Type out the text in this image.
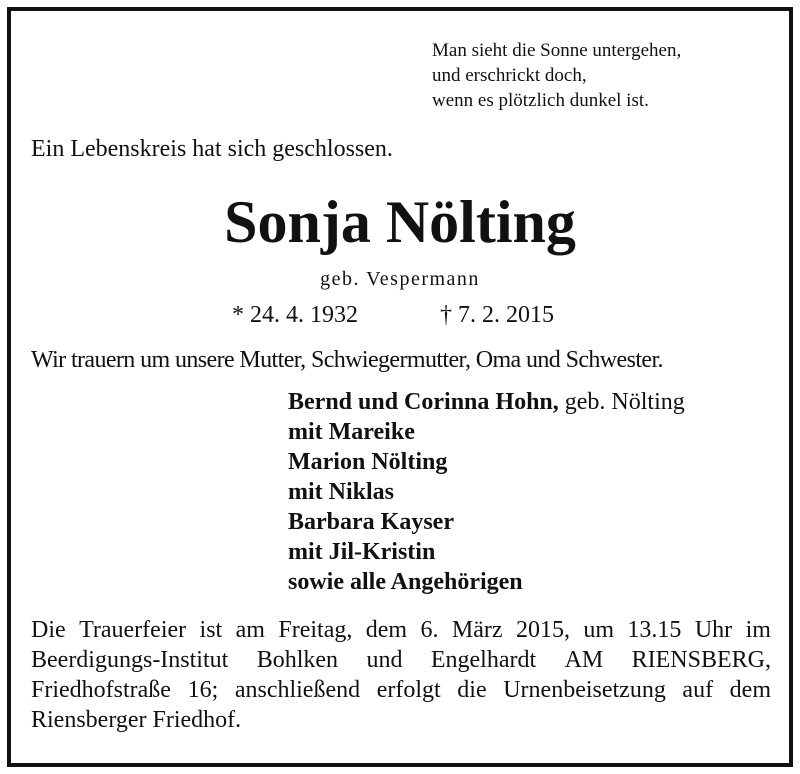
Man sieht die Sonne untergehen,
und erschrickt doch,
wenn es plötzlich dunkel ist.
Ein Lebenskreis hat sich geschlossen.
Sonja Nölting
geb. Vespermann
* 24. 4. 1932	† 7. 2. 2015
Wir trauern um unsere Mutter, Schwiegermutter, Oma und Schwester.
Bernd und Corinna Hohn, geb. Nölting
mit Mareike
Marion Nölting
mit Niklas
Barbara Kayser
mit Jil-Kristin
sowie alle Angehörigen
Die Trauerfeier ist am Freitag, dem 6. März 2015, um 13.15 Uhr im
Beerdigungs-Institut Bohlken und Engelhardt AM RIENSBERG,
Friedhofstraße 16; anschließend erfolgt die Urnenbeisetzung auf dem
Riensberger Friedhof.
